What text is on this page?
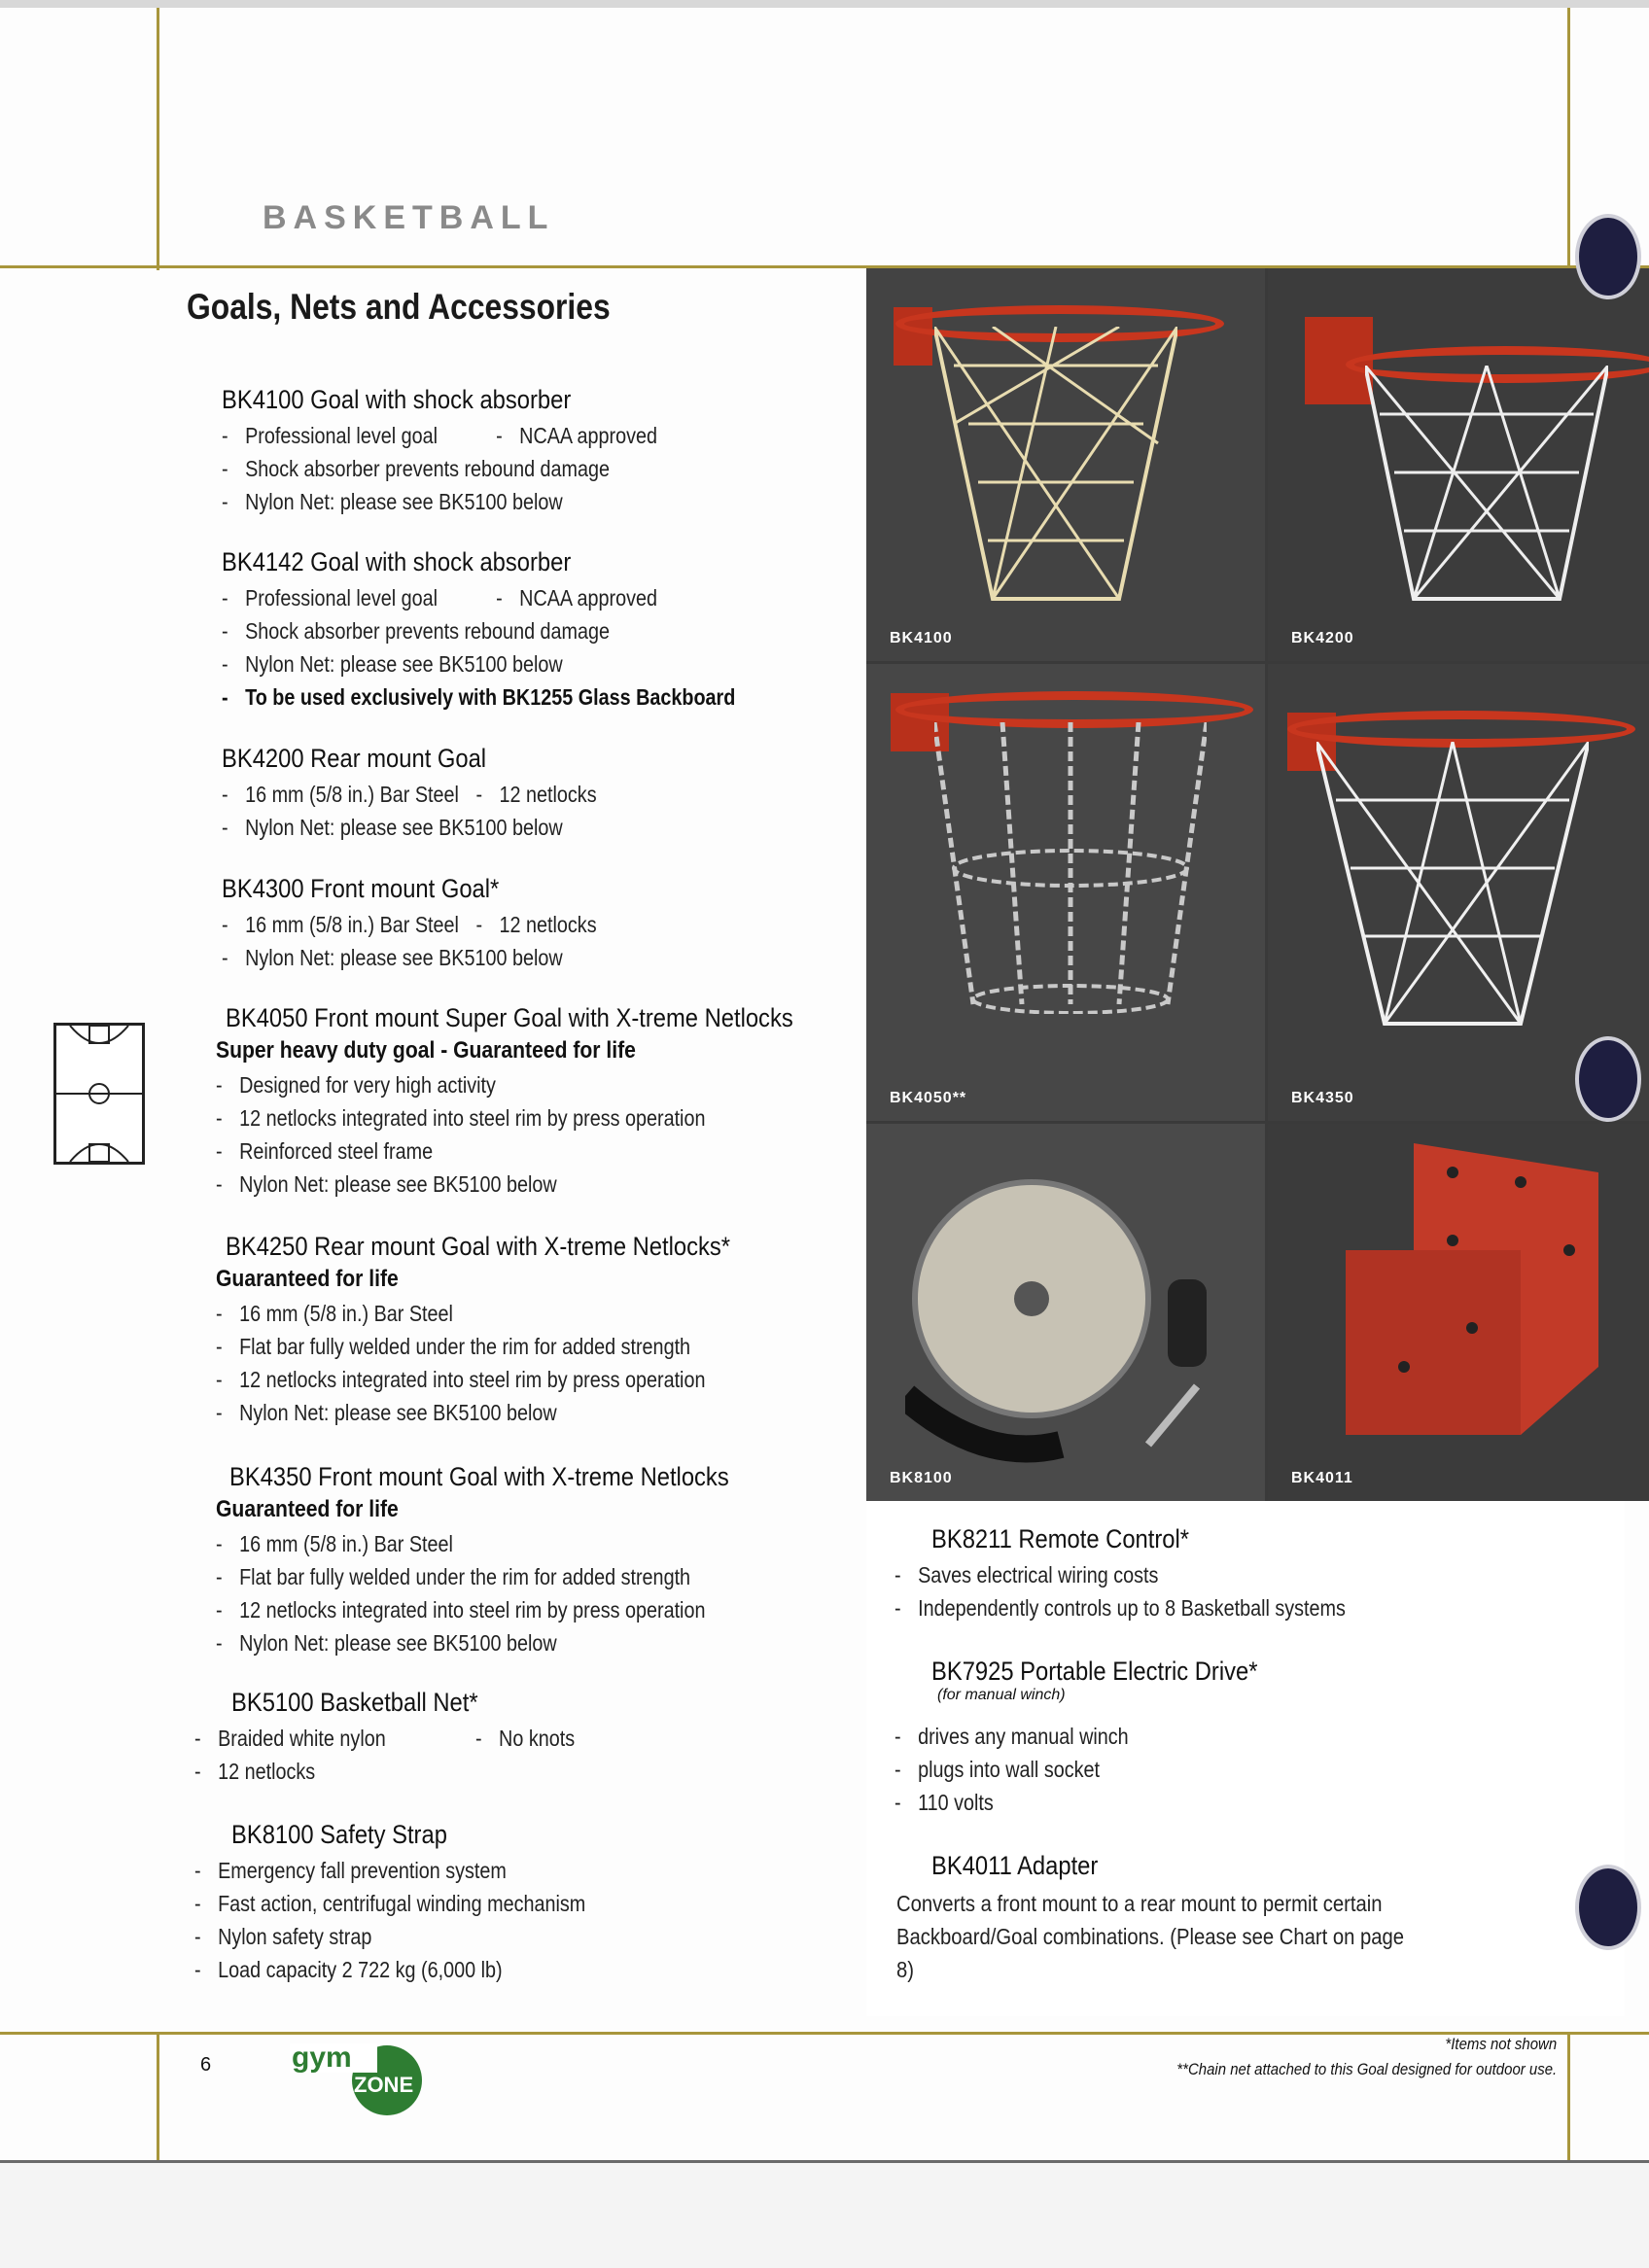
BASKETBALL
Goals, Nets and Accessories
BK4100 Goal with shock absorber
- Professional level goal	- NCAA approved
- Shock absorber prevents rebound damage
- Nylon Net: please see BK5100 below
BK4142 Goal with shock absorber
- Professional level goal	- NCAA approved
- Shock absorber prevents rebound damage
- Nylon Net: please see BK5100 below
- To be used exclusively with BK1255 Glass Backboard
BK4200 Rear mount Goal
- 16 mm (5/8 in.) Bar Steel - 12 netlocks
- Nylon Net: please see BK5100 below
BK4300 Front mount Goal*
- 16 mm (5/8 in.) Bar Steel - 12 netlocks
- Nylon Net: please see BK5100 below
BK4050 Front mount Super Goal with X-treme Netlocks
Super heavy duty goal - Guaranteed for life
- Designed for very high activity
- 12 netlocks integrated into steel rim by press operation
- Reinforced steel frame
- Nylon Net: please see BK5100 below
BK4250 Rear mount Goal with X-treme Netlocks*
Guaranteed for life
- 16 mm (5/8 in.) Bar Steel
- Flat bar fully welded under the rim for added strength
- 12 netlocks integrated into steel rim by press operation
- Nylon Net: please see BK5100 below
BK4350 Front mount Goal with X-treme Netlocks
Guaranteed for life
- 16 mm (5/8 in.) Bar Steel
- Flat bar fully welded under the rim for added strength
- 12 netlocks integrated into steel rim by press operation
- Nylon Net: please see BK5100 below
BK5100 Basketball Net*
- Braided white nylon	- No knots
- 12 netlocks
BK8100 Safety Strap
- Emergency fall prevention system
- Fast action, centrifugal winding mechanism
- Nylon safety strap
- Load capacity 2 722 kg (6,000 lb)
BK4100	BK4200
BK4050**	BK4350
BK8100	BK4011
BK8211 Remote Control*
- Saves electrical wiring costs
- Independently controls up to 8 Basketball systems
BK7925 Portable Electric Drive*
(for manual winch)
- drives any manual winch
- plugs into wall socket
- 110 volts
BK4011 Adapter
Converts a front mount to a rear mount to permit certain Backboard/Goal combinations. (Please see Chart on page 8)
6	gym
ZONE
*Items not shown
**Chain net attached to this Goal designed for outdoor use.
